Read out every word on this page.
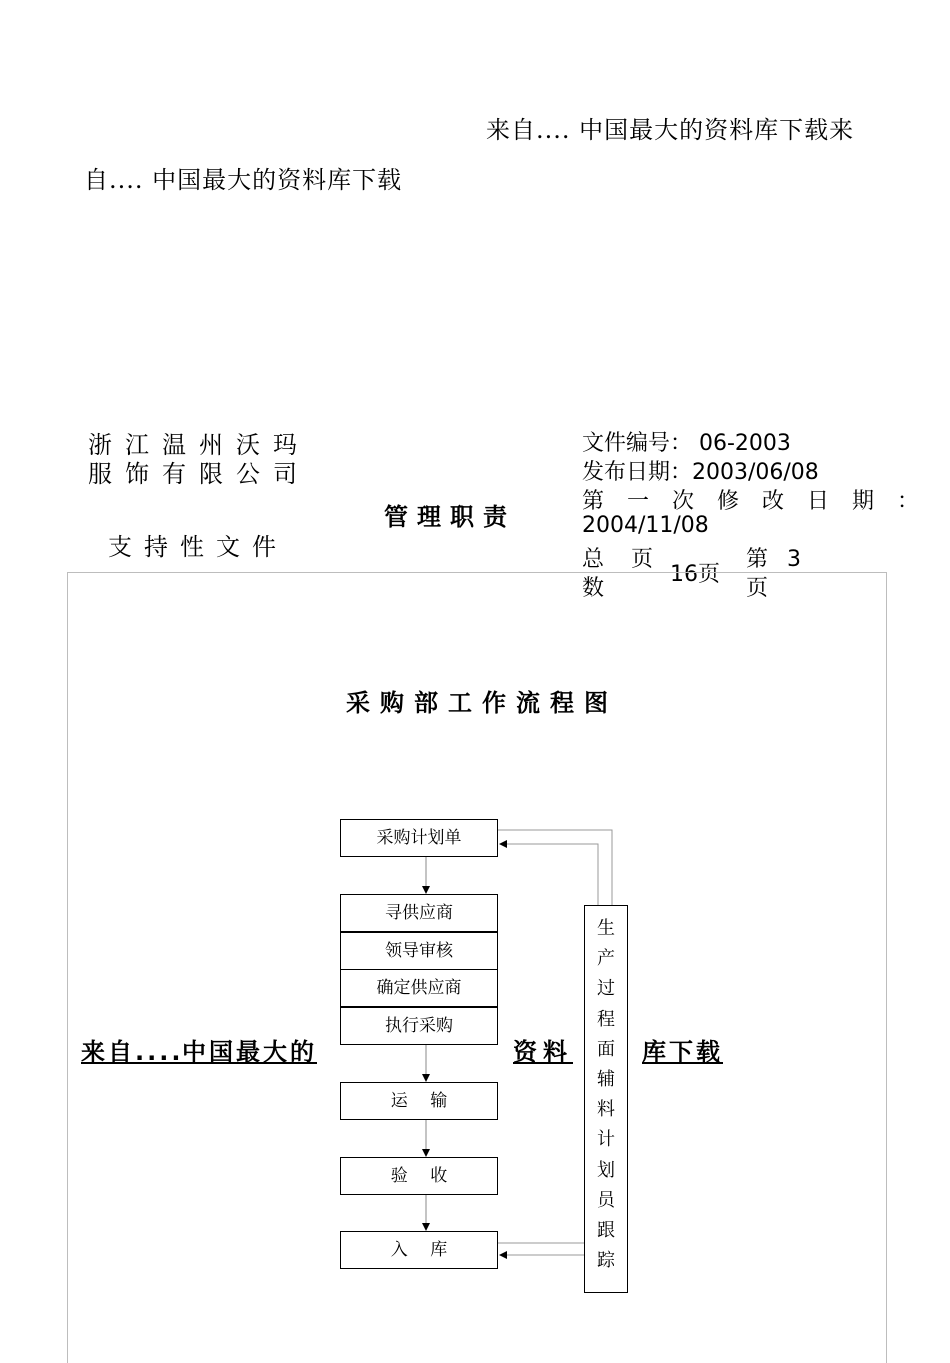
来自.... 中国最大的资料库下载来
自.... 中国最大的资料库下载
浙江温州沃玛
服饰有限公司
支持性文件
管理职责
文件编号： 06-2003
发布日期：2003/06/08
第一次修改日期：
2004/11/08
总 页
数
16页
第 3
页
采购部工作流程图
采购计划单
寻供应商
领导审核
确定供应商
执行采购
运　 输
验　 收
入　 库
生
产
过
程
面
辅
料
计
划
员
跟
踪
来自....
中国最大的	资料	库下载
